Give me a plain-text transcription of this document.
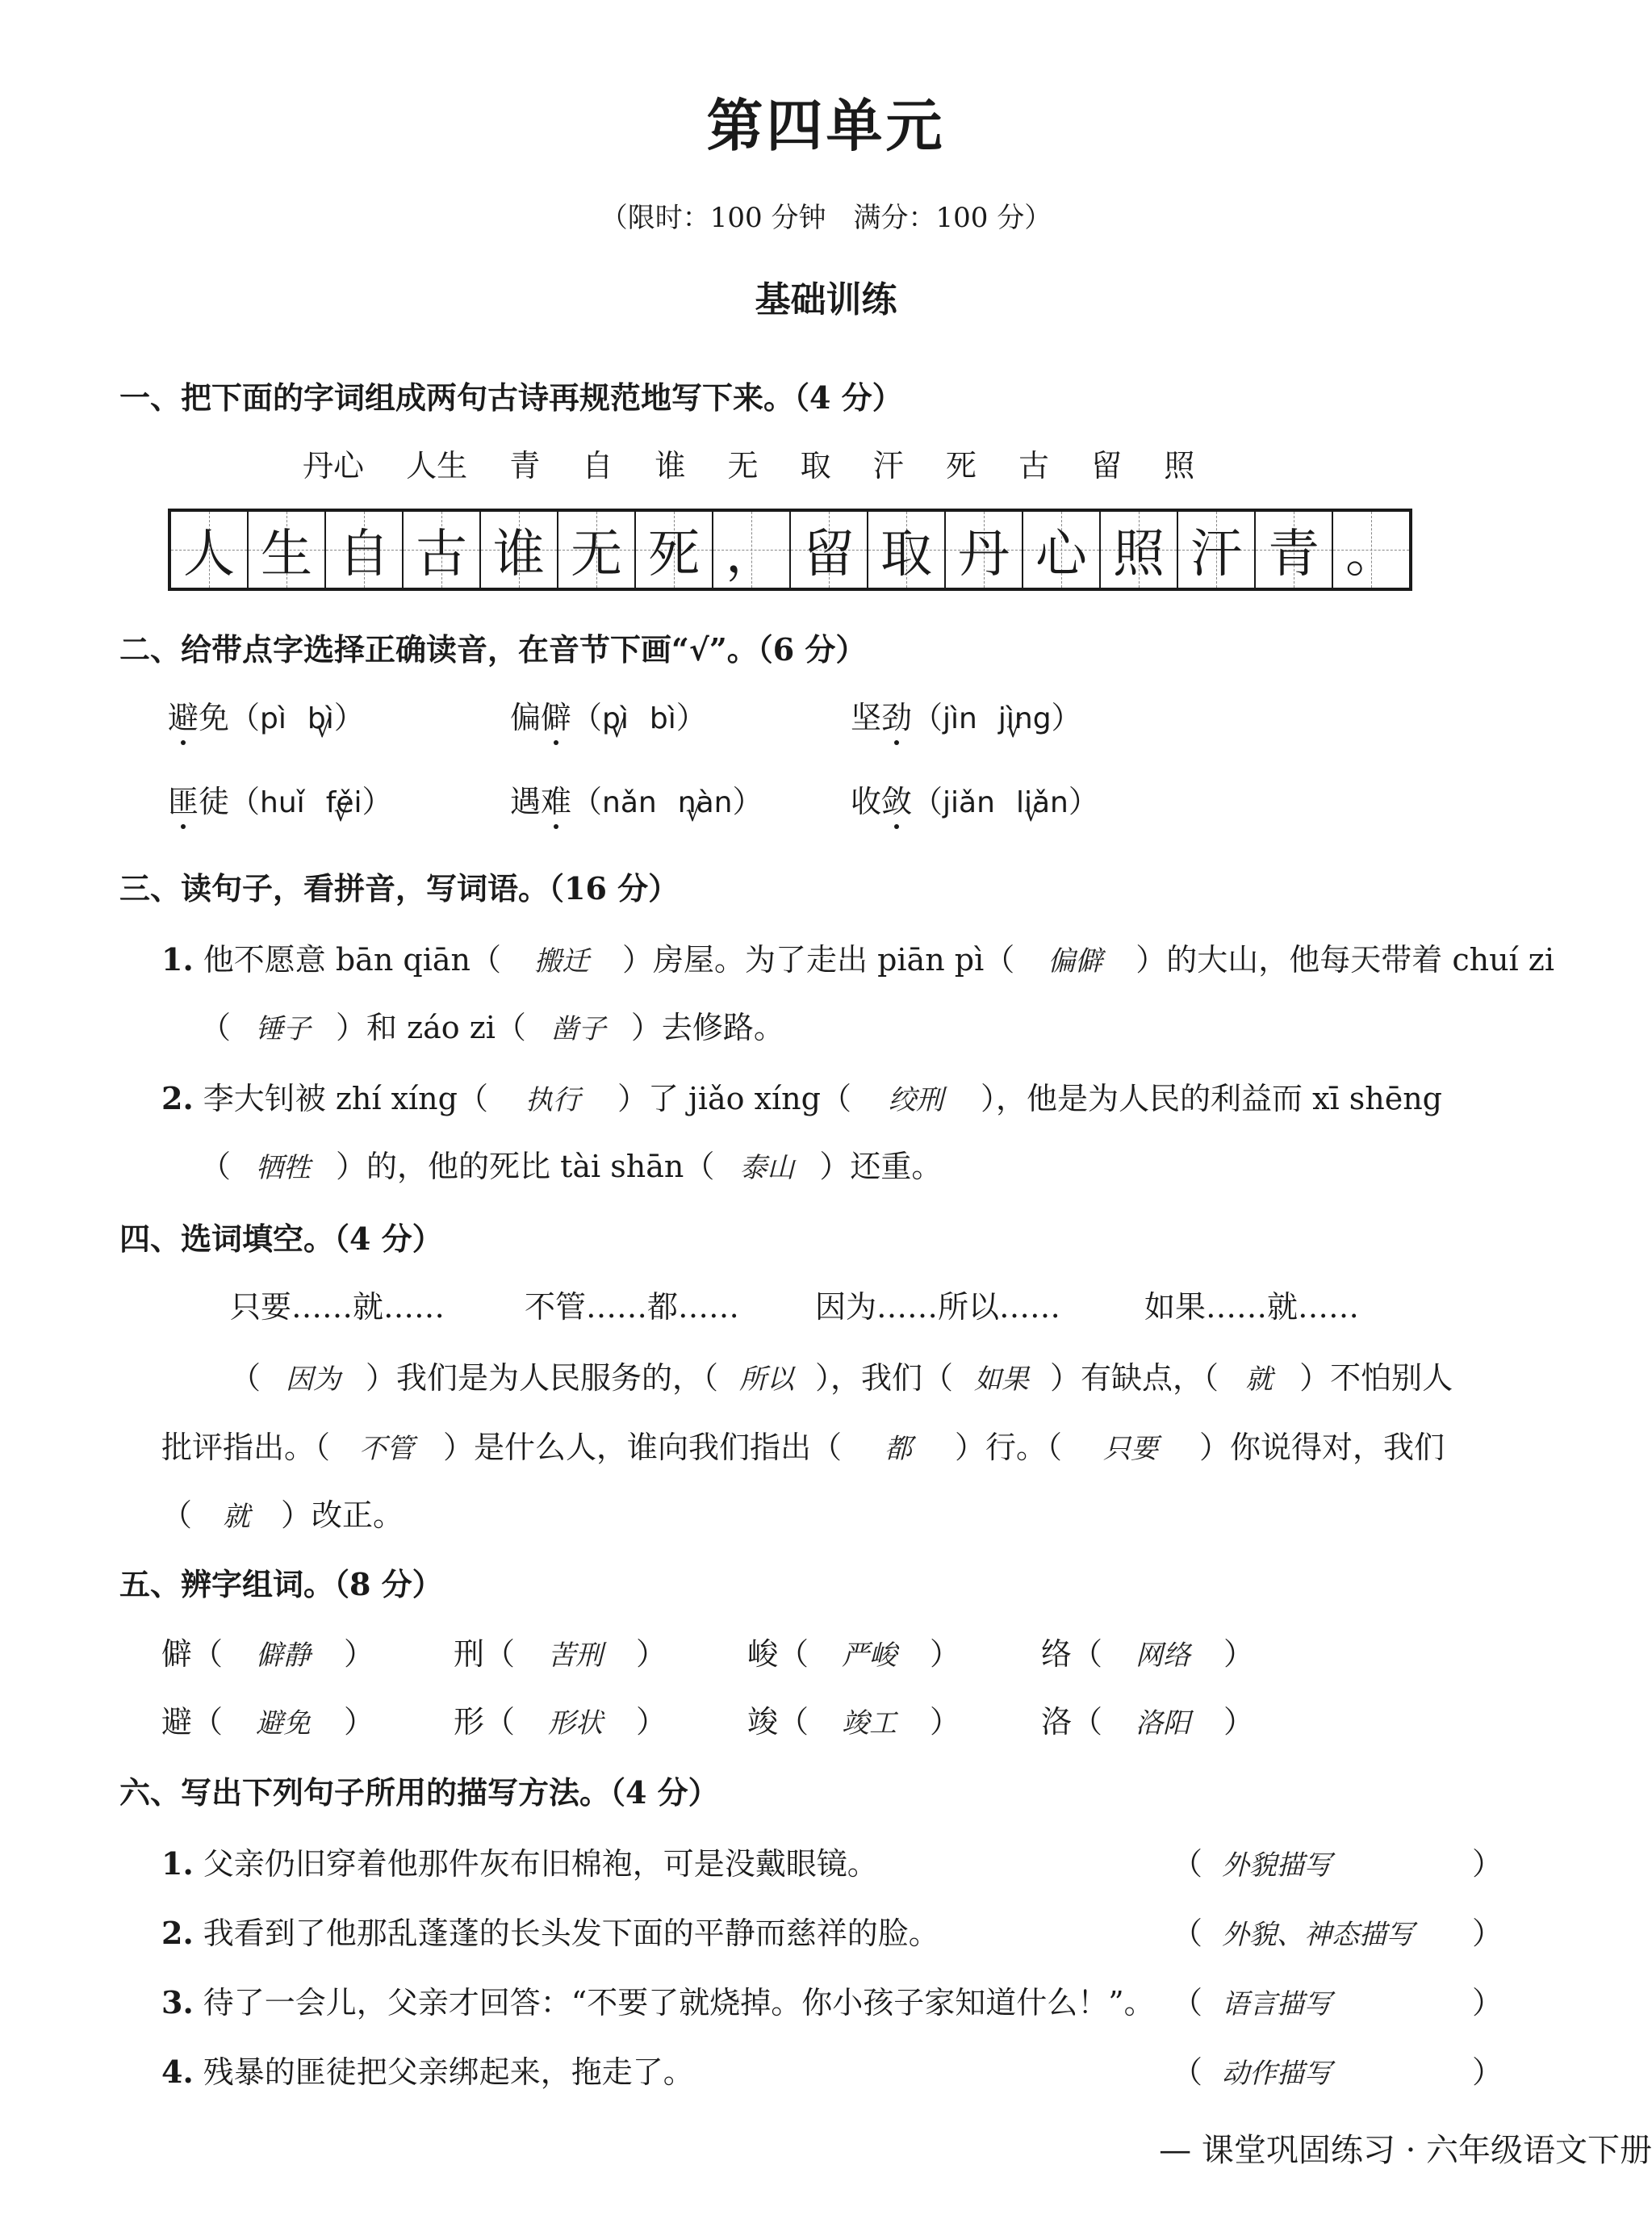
第四单元
（限时：100 分钟　满分：100 分）
基础训练
一、把下面的字词组成两句古诗再规范地写下来。（4 分）
丹心 人生 青 自 谁 无 取 汗 死 古 留 照
人 生 自 古 谁 无 死 ， 留 取 丹 心 照 汗 青 。
二、给带点字选择正确读音，在音节下画“√”。（6 分）
避免（pì bì √）	偏僻（pì √ bì）	坚劲（jìn jìng √）
匪徒（huǐ fěi √）	遇难（nǎn nàn √）	收敛（jiǎn liǎn √）
三、读句子，看拼音，写词语。（16 分）
1. 他不愿意 bān qiān（ 搬迁 ）房屋。为了走出 piān pì（ 偏僻 ）的大山，他每天带着 chuí zi
（ 锤子 ）和 záo zi（ 凿子 ）去修路。
2. 李大钊被 zhí xíng（ 执行 ）了 jiǎo xíng（ 绞刑 ），他是为人民的利益而 xī shēng
（ 牺牲 ）的，他的死比 tài shān（ 泰山 ）还重。
四、选词填空。（4 分）
只要……就……	不管……都…… 因为……所以……	如果……就……
（ 因为 ）我们是为人民服务的，（ 所以 ），我们（ 如果 ）有缺点，（ 就 ）不怕别人
批评指出。（ 不管 ）是什么人，谁向我们指出（ 都 ）行。（ 只要 ）你说得对，我们
（ 就 ）改正。
五、辨字组词。（8 分）
僻（ 僻静 ）	刑（ 苦刑 ）	峻（ 严峻 ）	络（ 网络 ）
避（ 避免 ）	形（ 形状 ）	竣（ 竣工 ）	洛（ 洛阳 ）
六、写出下列句子所用的描写方法。（4 分）
1. 父亲仍旧穿着他那件灰布旧棉袍，可是没戴眼镜。	（ 外貌描写	）
2. 我看到了他那乱蓬蓬的长头发下面的平静而慈祥的脸。	（ 外貌、神态描写 ）
3. 待了一会儿，父亲才回答：“不要了就烧掉。你小孩子家知道什么！”。 （ 语言描写	）
4. 残暴的匪徒把父亲绑起来，拖走了。	（ 动作描写	）
— 课堂巩固练习 · 六年级语文下册
